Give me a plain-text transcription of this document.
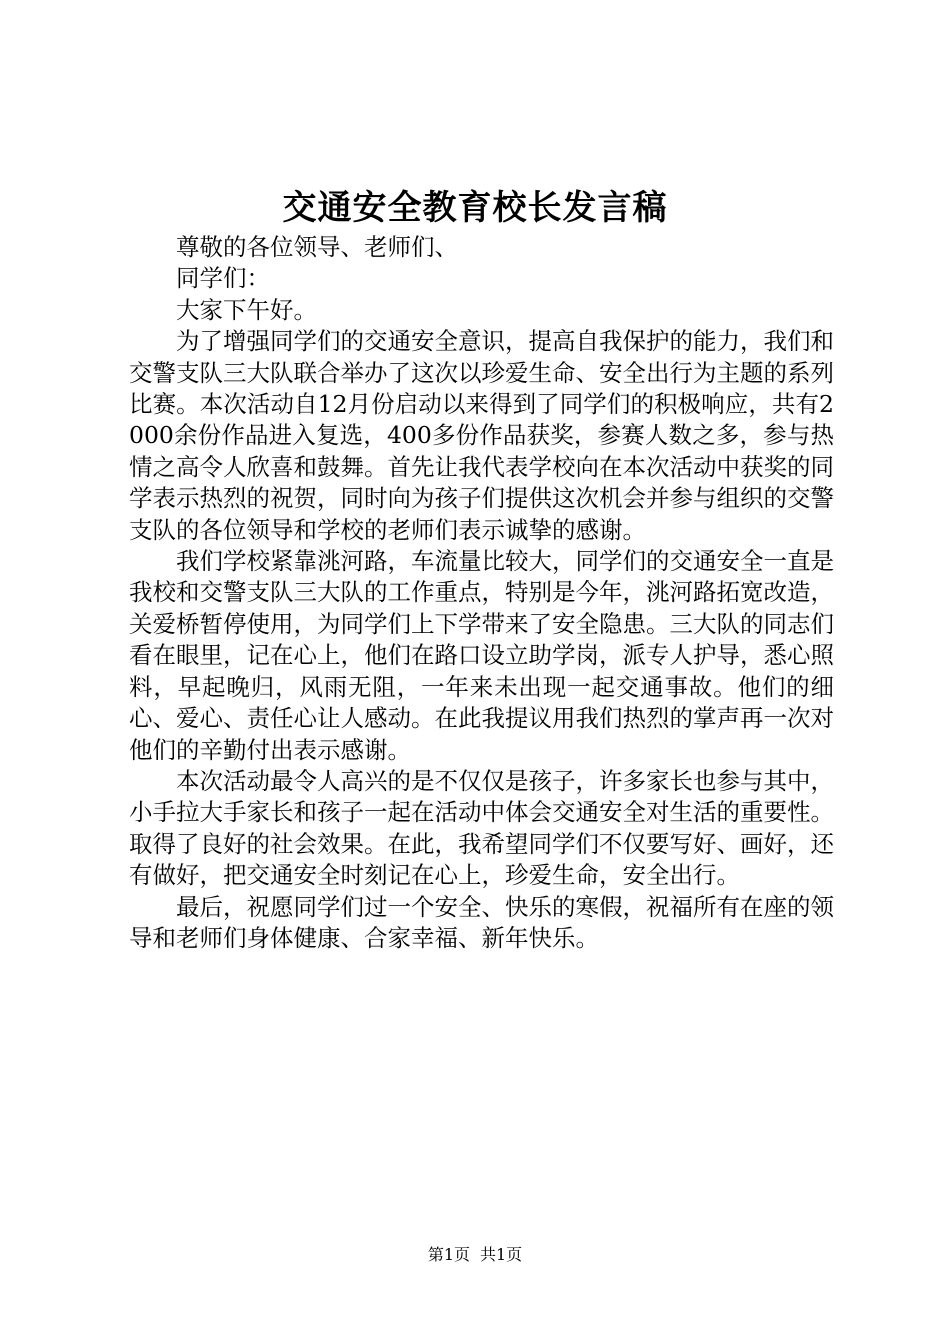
交通安全教育校长发言稿

尊敬的各位领导、老师们、

同学们：

大家下午好。

为了增强同学们的交通安全意识，提高自我保护的能力，我们和交警支队三大队联合举办了这次以珍爱生命、安全出行为主题的系列比赛。本次活动自12月份启动以来得到了同学们的积极响应，共有2000余份作品进入复选，400多份作品获奖，参赛人数之多，参与热情之高令人欣喜和鼓舞。首先让我代表学校向在本次活动中获奖的同学表示热烈的祝贺，同时向为孩子们提供这次机会并参与组织的交警支队的各位领导和学校的老师们表示诚挚的感谢。

我们学校紧靠洮河路，车流量比较大，同学们的交通安全一直是我校和交警支队三大队的工作重点，特别是今年，洮河路拓宽改造，关爱桥暂停使用，为同学们上下学带来了安全隐患。三大队的同志们看在眼里，记在心上，他们在路口设立助学岗，派专人护导，悉心照料，早起晚归，风雨无阻，一年来未出现一起交通事故。他们的细心、爱心、责任心让人感动。在此我提议用我们热烈的掌声再一次对他们的辛勤付出表示感谢。

本次活动最令人高兴的是不仅仅是孩子，许多家长也参与其中，小手拉大手家长和孩子一起在活动中体会交通安全对生活的重要性。取得了良好的社会效果。在此，我希望同学们不仅要写好、画好，还有做好，把交通安全时刻记在心上，珍爱生命，安全出行。

最后，祝愿同学们过一个安全、快乐的寒假，祝福所有在座的领导和老师们身体健康、合家幸福、新年快乐。

第1页 共1页
